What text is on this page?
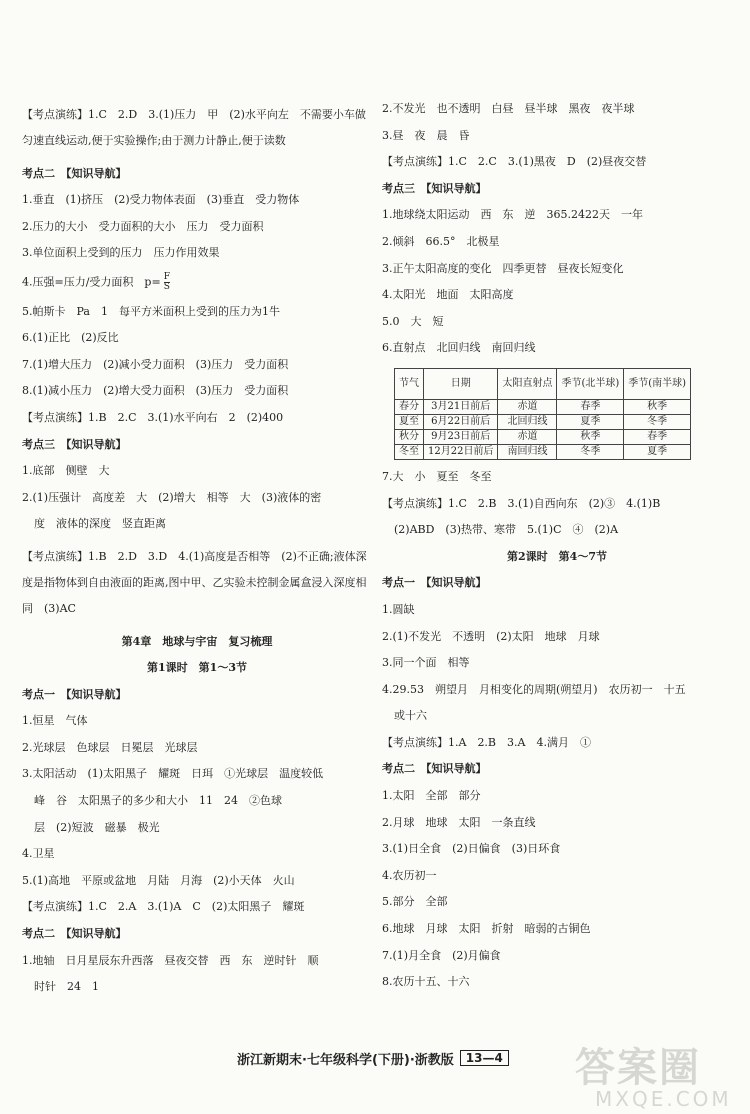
【考点演练】1.C　2.D　3.(1)压力　甲　(2)水平向左　不需要小车做匀速直线运动,便于实验操作;由于测力计静止,便于读数
考点二　【知识导航】
1.垂直　(1)挤压　(2)受力物体表面　(3)垂直　受力物体
2.压力的大小　受力面积的大小　压力　受力面积
3.单位面积上受到的压力　压力作用效果
4.压强=压力/受力面积　$p= \frac{F}{S}$
5.帕斯卡　Pa　1　每平方米面积上受到的压力为1牛
6.(1)正比　(2)反比
7.(1)增大压力　(2)减小受力面积　(3)压力　受力面积
8.(1)减小压力　(2)增大受力面积　(3)压力　受力面积
【考点演练】1.B　2.C　3.(1)水平向右　2　(2)400
考点三　【知识导航】
1.底部　侧壁　大
2.(1)压强计　高度差　大　(2)增大　相等　大　(3)液体的密
度　液体的深度　竖直距离
【考点演练】1.B　2.D　3.D　4.(1)高度是否相等　(2)不正确;液体深度是指物体到自由液面的距离,图中甲、乙实验未控制金属盒浸入深度相同　(3)AC
第4章　地球与宇宙　复习梳理
第1课时　第1～3节
考点一　【知识导航】
1.恒星　气体
2.光球层　色球层　日冕层　光球层
3.太阳活动　(1)太阳黑子　耀斑　日珥　①光球层　温度较低
峰　谷　太阳黑子的多少和大小　11　24　②色球
层　(2)短波　磁暴　极光
4.卫星
5.(1)高地　平原或盆地　月陆　月海　(2)小天体　火山
【考点演练】1.C　2.A　3.(1)A　C　(2)太阳黑子　耀斑
考点二　【知识导航】
1.地轴　日月星辰东升西落　昼夜交替　西　东　逆时针　顺
时针　24　1
2.不发光　也不透明　白昼　昼半球　黑夜　夜半球
3.昼　夜　晨　昏
【考点演练】1.C　2.C　3.(1)黑夜　D　(2)昼夜交替
考点三　【知识导航】
1.地球绕太阳运动　西　东　逆　365.2422天　一年
2.倾斜　66.5°　北极星
3.正午太阳高度的变化　四季更替　昼夜长短变化
4.太阳光　地面　太阳高度
5.0　大　短
6.直射点　北回归线　南回归线
节气	日期	太阳直射点	季节(北半球)	季节(南半球)
春分	3月21日前后	赤道	春季	秋季
夏至	6月22日前后	北回归线	夏季	冬季
秋分	9月23日前后	赤道	秋季	春季
冬至	12月22日前后	南回归线	冬季	夏季
7.大　小　夏至　冬至
【考点演练】1.C　2.B　3.(1)自西向东　(2)③　4.(1)B
(2)ABD　(3)热带、寒带　5.(1)C　④　(2)A
第2课时　第4～7节
考点一　【知识导航】
1.圆缺
2.(1)不发光　不透明　(2)太阳　地球　月球
3.同一个面　相等
4.29.53　朔望月　月相变化的周期(朔望月)　农历初一　十五
或十六
【考点演练】1.A　2.B　3.A　4.满月　①
考点二　【知识导航】
1.太阳　全部　部分
2.月球　地球　太阳　一条直线
3.(1)日全食　(2)日偏食　(3)日环食
4.农历初一
5.部分　全部
6.地球　月球　太阳　折射　暗弱的古铜色
7.(1)月全食　(2)月偏食
8.农历十五、十六
浙江新期末·七年级科学(下册)·浙教版	13—4 答案圈
MXQE.COM
